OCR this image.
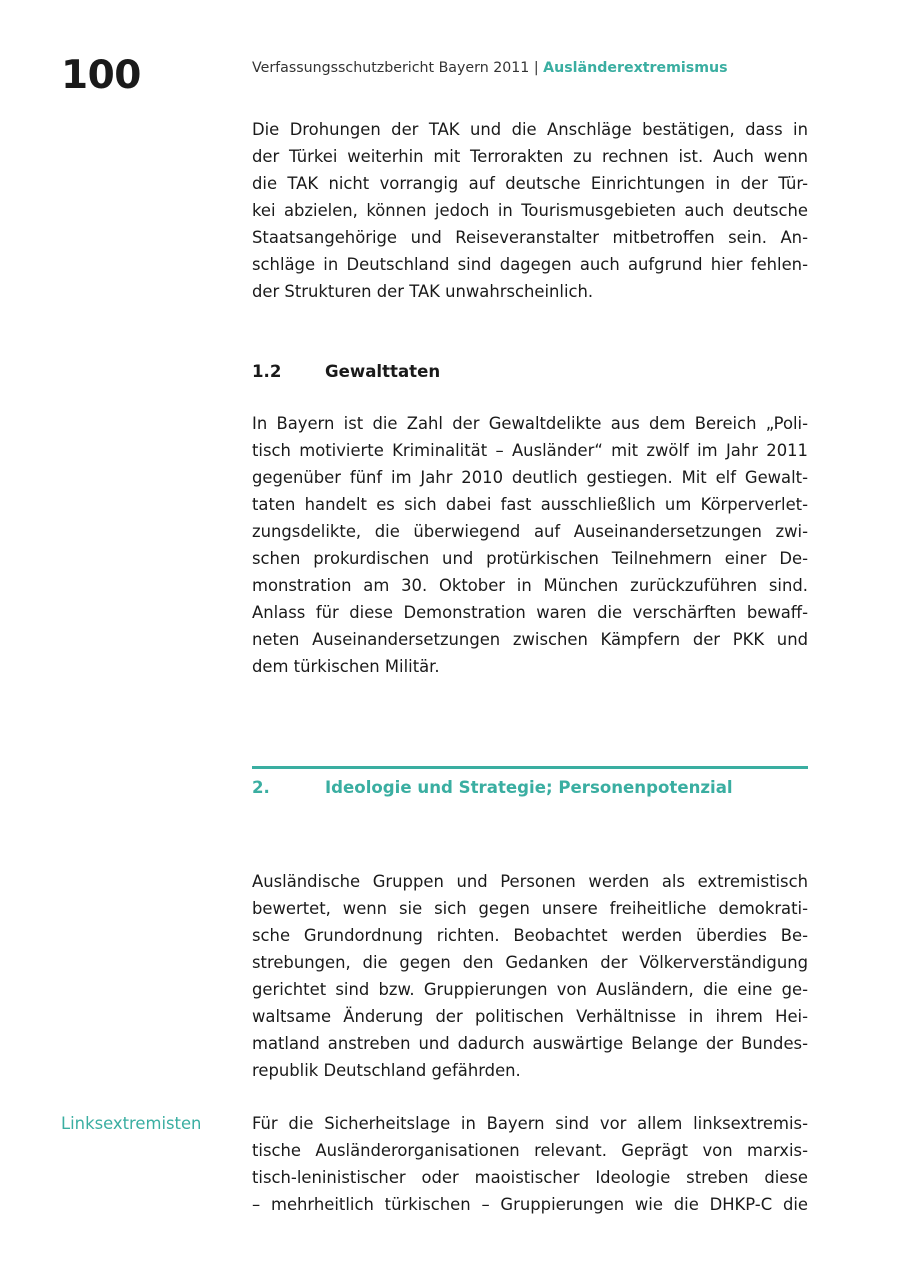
100	Verfassungsschutzbericht Bayern 2011 | Ausländerextremismus
Die Drohungen der TAK und die Anschläge bestätigen, dass in
der Türkei weiterhin mit Terrorakten zu rechnen ist. Auch wenn
die TAK nicht vorrangig auf deutsche Einrichtungen in der Tür-
kei abzielen, können jedoch in Tourismusgebieten auch deutsche
Staatsangehörige und Reiseveranstalter mitbetroffen sein. An-
schläge in Deutschland sind dagegen auch aufgrund hier fehlen-
der Strukturen der TAK unwahrscheinlich.
1.2	Gewalttaten
In Bayern ist die Zahl der Gewaltdelikte aus dem Bereich „Poli-
tisch motivierte Kriminalität – Ausländer“ mit zwölf im Jahr 2011
gegenüber fünf im Jahr 2010 deutlich gestiegen. Mit elf Gewalt-
taten handelt es sich dabei fast ausschließlich um Körperverlet-
zungsdelikte, die überwiegend auf Auseinandersetzungen zwi-
schen prokurdischen und protürkischen Teilnehmern einer De-
monstration am 30. Oktober in München zurückzuführen sind.
Anlass für diese Demonstration waren die verschärften bewaff-
neten Auseinandersetzungen zwischen Kämpfern der PKK und
dem türkischen Militär.
2.	Ideologie und Strategie; Personenpotenzial
Ausländische Gruppen und Personen werden als extremistisch
bewertet, wenn sie sich gegen unsere freiheitliche demokrati-
sche Grundordnung richten. Beobachtet werden überdies Be-
strebungen, die gegen den Gedanken der Völkerverständigung
gerichtet sind bzw. Gruppierungen von Ausländern, die eine ge-
waltsame Änderung der politischen Verhältnisse in ihrem Hei-
matland anstreben und dadurch auswärtige Belange der Bundes-
republik Deutschland gefährden.
Linksextremisten	Für die Sicherheitslage in Bayern sind vor allem linksextremis-
tische Ausländerorganisationen relevant. Geprägt von marxis-
tisch-leninistischer oder maoistischer Ideologie streben diese
– mehrheitlich türkischen – Gruppierungen wie die DHKP-C die
